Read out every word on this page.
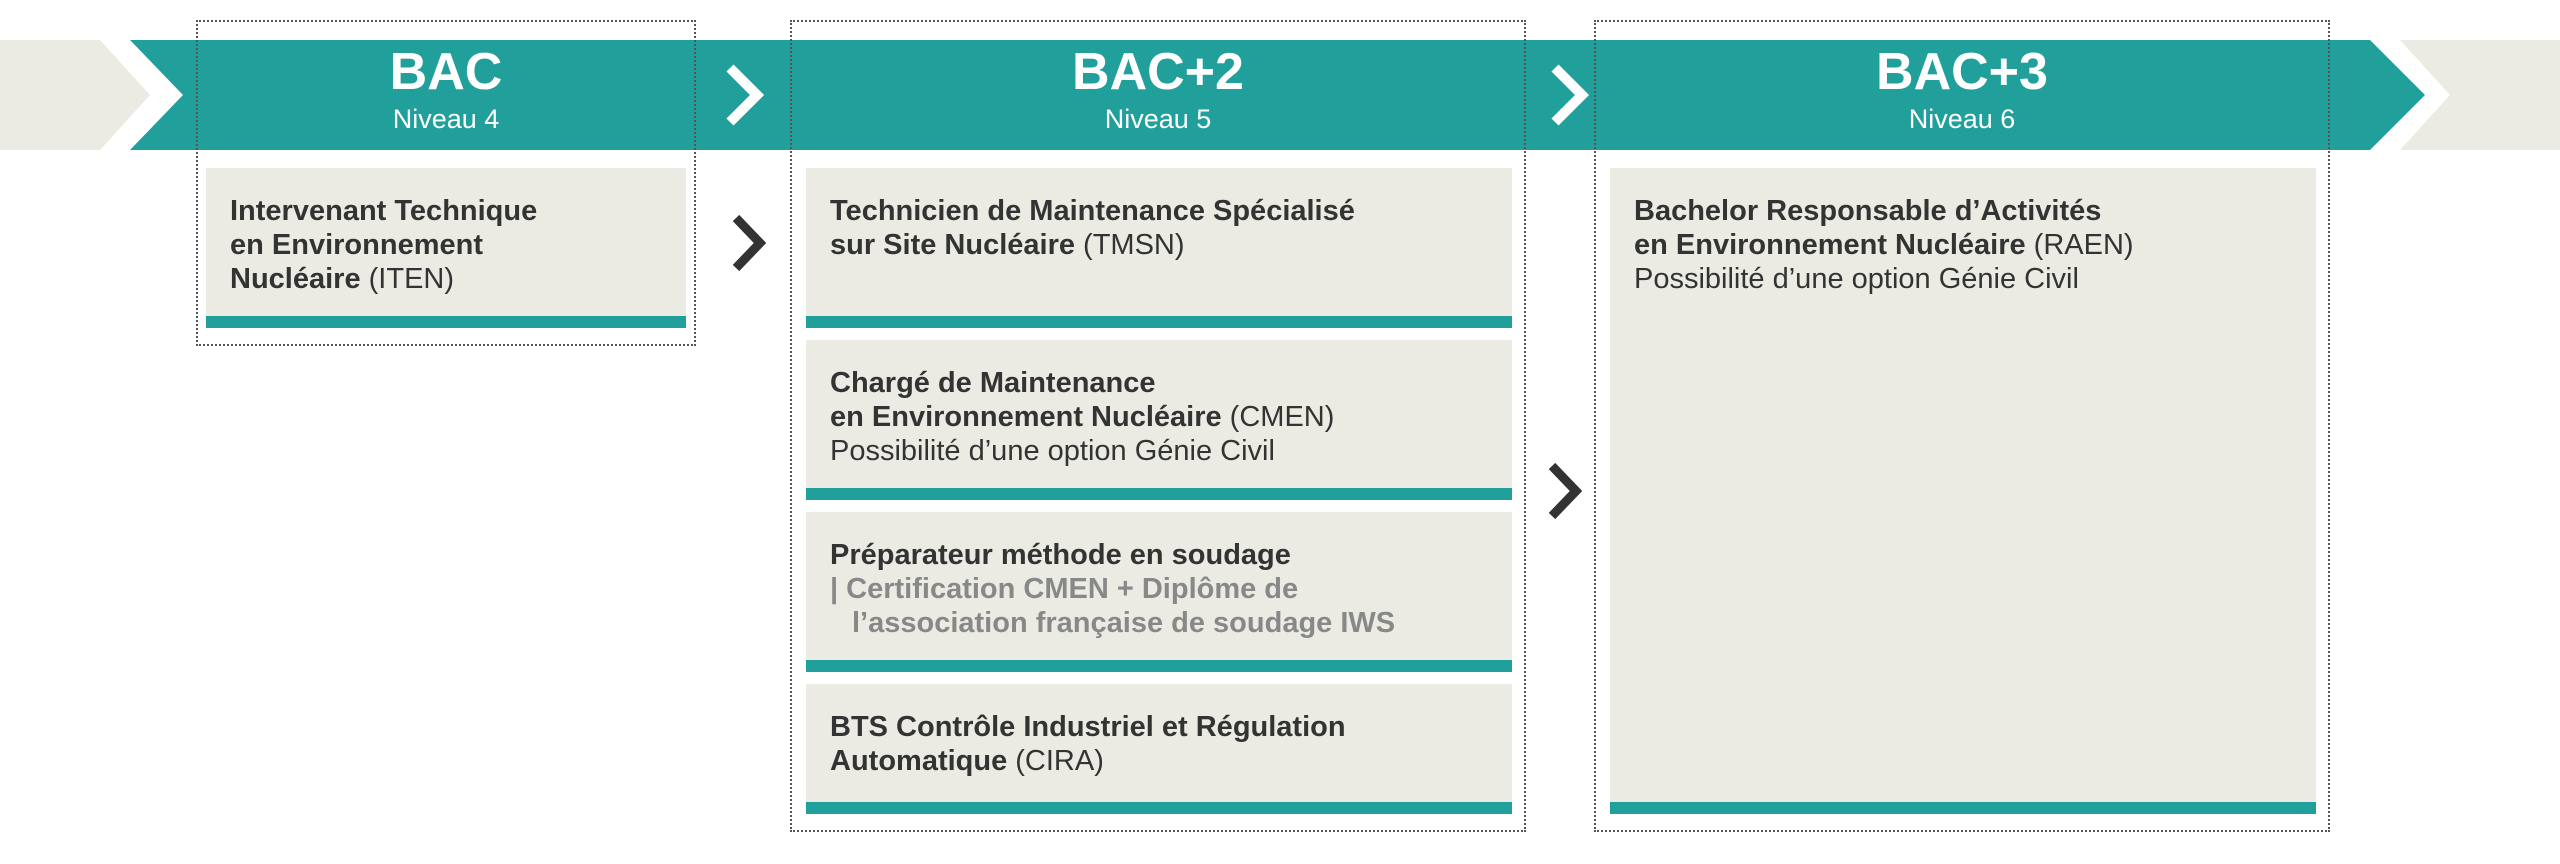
BAC
Niveau 4
BAC+2
Niveau 5
BAC+3
Niveau 6
Intervenant Technique
en Environnement
Nucléaire (ITEN)
Technicien de Maintenance Spécialisé
sur Site Nucléaire (TMSN)
Chargé de Maintenance
en Environnement Nucléaire (CMEN)
Possibilité d’une option Génie Civil
Préparateur méthode en soudage
| Certification CMEN + Diplôme de
l’association française de soudage IWS
BTS Contrôle Industriel et Régulation
Automatique (CIRA)
Bachelor Responsable d’Activités
en Environnement Nucléaire (RAEN)
Possibilité d’une option Génie Civil
